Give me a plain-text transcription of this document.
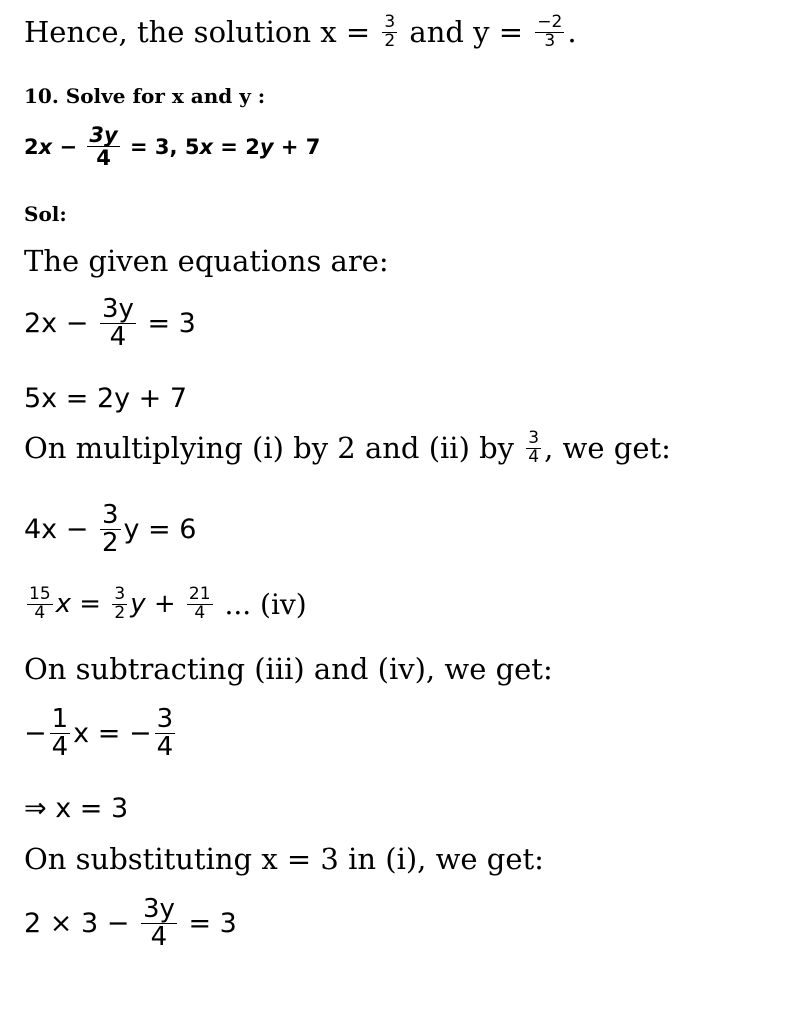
Hence, the solution $x = \frac{3}{2}$ and $y = \frac{-2}{3}$ .
10. Solve for x and y :
2 $x - \frac{3y}{4} = 3$, 5 x = 2 y + 7
Sol:
The given equations are:
$2x - \frac{3y}{4} = 3$
5x = 2y + 7
On multiplying (i) by 2 and (ii) by $\frac{3}{4}$ , we get:
$4x - \frac{3}{2}$ y = 6
$\frac{15}{4}$ $x = \frac{3}{2}$ $y + \frac{21}{4}$ ... (iv)
On subtracting (iii) and (iv), we get:
− $\frac{1}{4}$ x = − $\frac{3}{4}$
⇒ x = 3
On substituting x = 3 in (i), we get:
$2 \times 3 - \frac{3y}{4} = 3$
